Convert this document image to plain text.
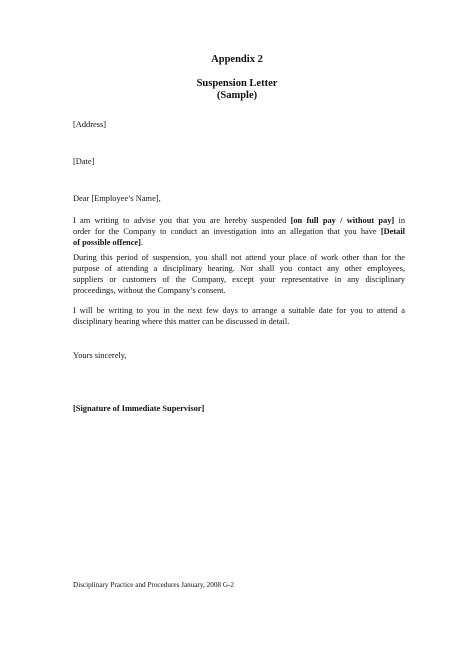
Appendix 2
Suspension Letter
(Sample)
[Address]
[Date]
Dear [Employee’s Name],
I am writing to advise you that you are hereby suspended [on full pay / without pay] in
order for the Company to conduct an investigation into an allegation that you have [Detail
of possible offence].
During this period of suspension, you shall not attend your place of work other than for the
purpose of attending a disciplinary hearing. Nor shall you contact any other employees,
suppliers or customers of the Company, except your representative in any disciplinary
proceedings, without the Company’s consent.
I will be writing to you in the next few days to arrange a suitable date for you to attend a
disciplinary hearing where this matter can be discussed in detail.
Yours sincerely,
[Signature of Immediate Supervisor]
Disciplinary Practice and Procedures January, 2008 G-2
